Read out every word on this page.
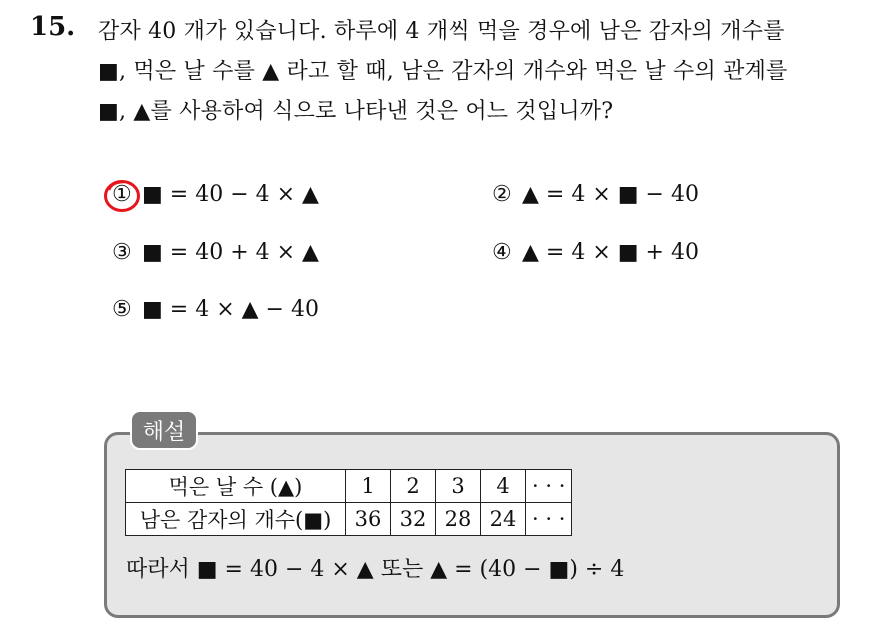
15. 감자 40 개가 있습니다. 하루에 4 개씩 먹을 경우에 남은 감자의 개수를
■, 먹은 날 수를 ▲ 라고 할 때, 남은 감자의 개수와 먹은 날 수의 관계를
■, ▲를 사용하여 식으로 나타낸 것은 어느 것입니까?
① ■ = 40 − 4 × ▲	② ▲ = 4 × ■ − 40
③ ■ = 40 + 4 × ▲	④ ▲ = 4 × ■ + 40
⑤ ■ = 4 × ▲ − 40
해설
먹은 날 수 (▲)	1	2	3	4	· · ·
남은 감자의 개수(■)	36	32	28	24	· · ·
따라서 ■ = 40 − 4 × ▲ 또는 ▲ = (40 − ■) ÷ 4
